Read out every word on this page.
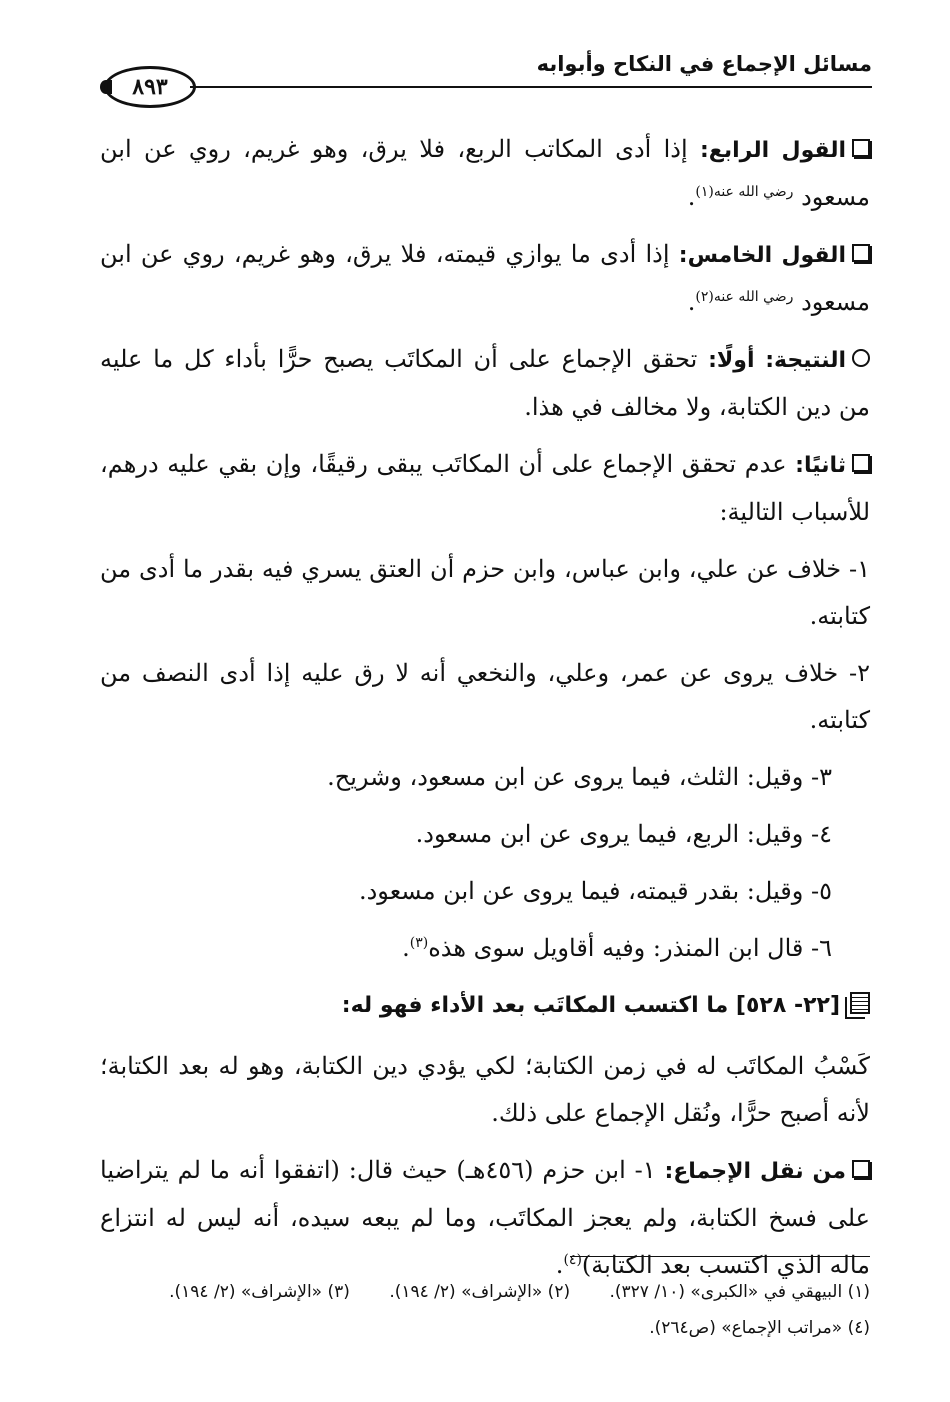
مسائل الإجماع في النكاح وأبوابه
٨٩٣

القول الرابع: إذا أدى المكاتب الربع، فلا يرق، وهو غريم، روي عن ابن مسعود $^{رضي الله عنه(١)}$.

القول الخامس: إذا أدى ما يوازي قيمته، فلا يرق، وهو غريم، روي عن ابن مسعود $^{رضي الله عنه(٢)}$.

النتيجة: أولًا: تحقق الإجماع على أن المكاتَب يصبح حرًّا بأداء كل ما عليه من دين الكتابة، ولا مخالف في هذا.

ثانيًا: عدم تحقق الإجماع على أن المكاتَب يبقى رقيقًا، وإن بقي عليه درهم، للأسباب التالية:

١- خلاف عن علي، وابن عباس، وابن حزم أن العتق يسري فيه بقدر ما أدى من كتابته.

٢- خلاف يروى عن عمر، وعلي، والنخعي أنه لا رق عليه إذا أدى النصف من كتابته.

٣- وقيل: الثلث، فيما يروى عن ابن مسعود، وشريح.

٤- وقيل: الربع، فيما يروى عن ابن مسعود.

٥- وقيل: بقدر قيمته، فيما يروى عن ابن مسعود.

٦- قال ابن المنذر: وفيه أقاويل سوى هذه$^{(٣)}$.

[٢٢- ٥٢٨] ما اكتسب المكاتَب بعد الأداء فهو له:

كَسْبُ المكاتَب له في زمن الكتابة؛ لكي يؤدي دين الكتابة، وهو له بعد الكتابة؛ لأنه أصبح حرًّا، ونُقل الإجماع على ذلك.

من نقل الإجماع: ١- ابن حزم (٤٥٦هـ) حيث قال: (اتفقوا أنه ما لم يتراضيا على فسخ الكتابة، ولم يعجز المكاتَب، وما لم يبعه سيده، أنه ليس له انتزاع ماله الذي اكتسب بعد الكتابة)$^{(٤)}$.

(١) البيهقي في «الكبرى» (١٠/ ٣٢٧). (٢) «الإشراف» (٢/ ١٩٤). (٣) «الإشراف» (٢/ ١٩٤).
(٤) «مراتب الإجماع» (ص٢٦٤).
